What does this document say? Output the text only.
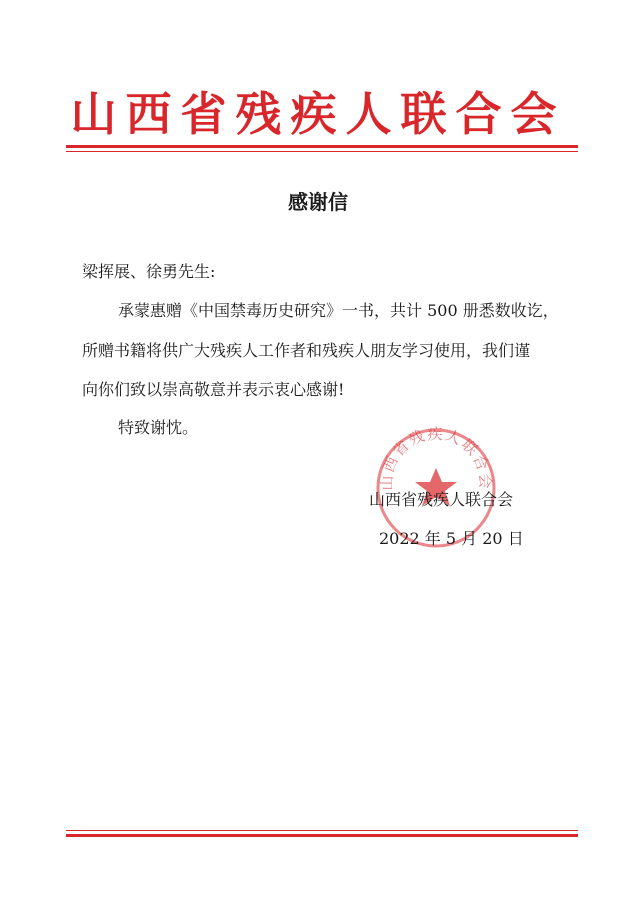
山西省残疾人联合会
感谢信
梁挥展、徐勇先生:
承蒙惠赠《中国禁毒历史研究》一书，共计 500 册悉数收讫，
所赠书籍将供广大残疾人工作者和残疾人朋友学习使用，我们谨
向你们致以崇高敬意并表示衷心感谢!
特致谢忱。
山西省残疾人联合会
山西省残疾人联合会
2022 年 5 月 20 日
